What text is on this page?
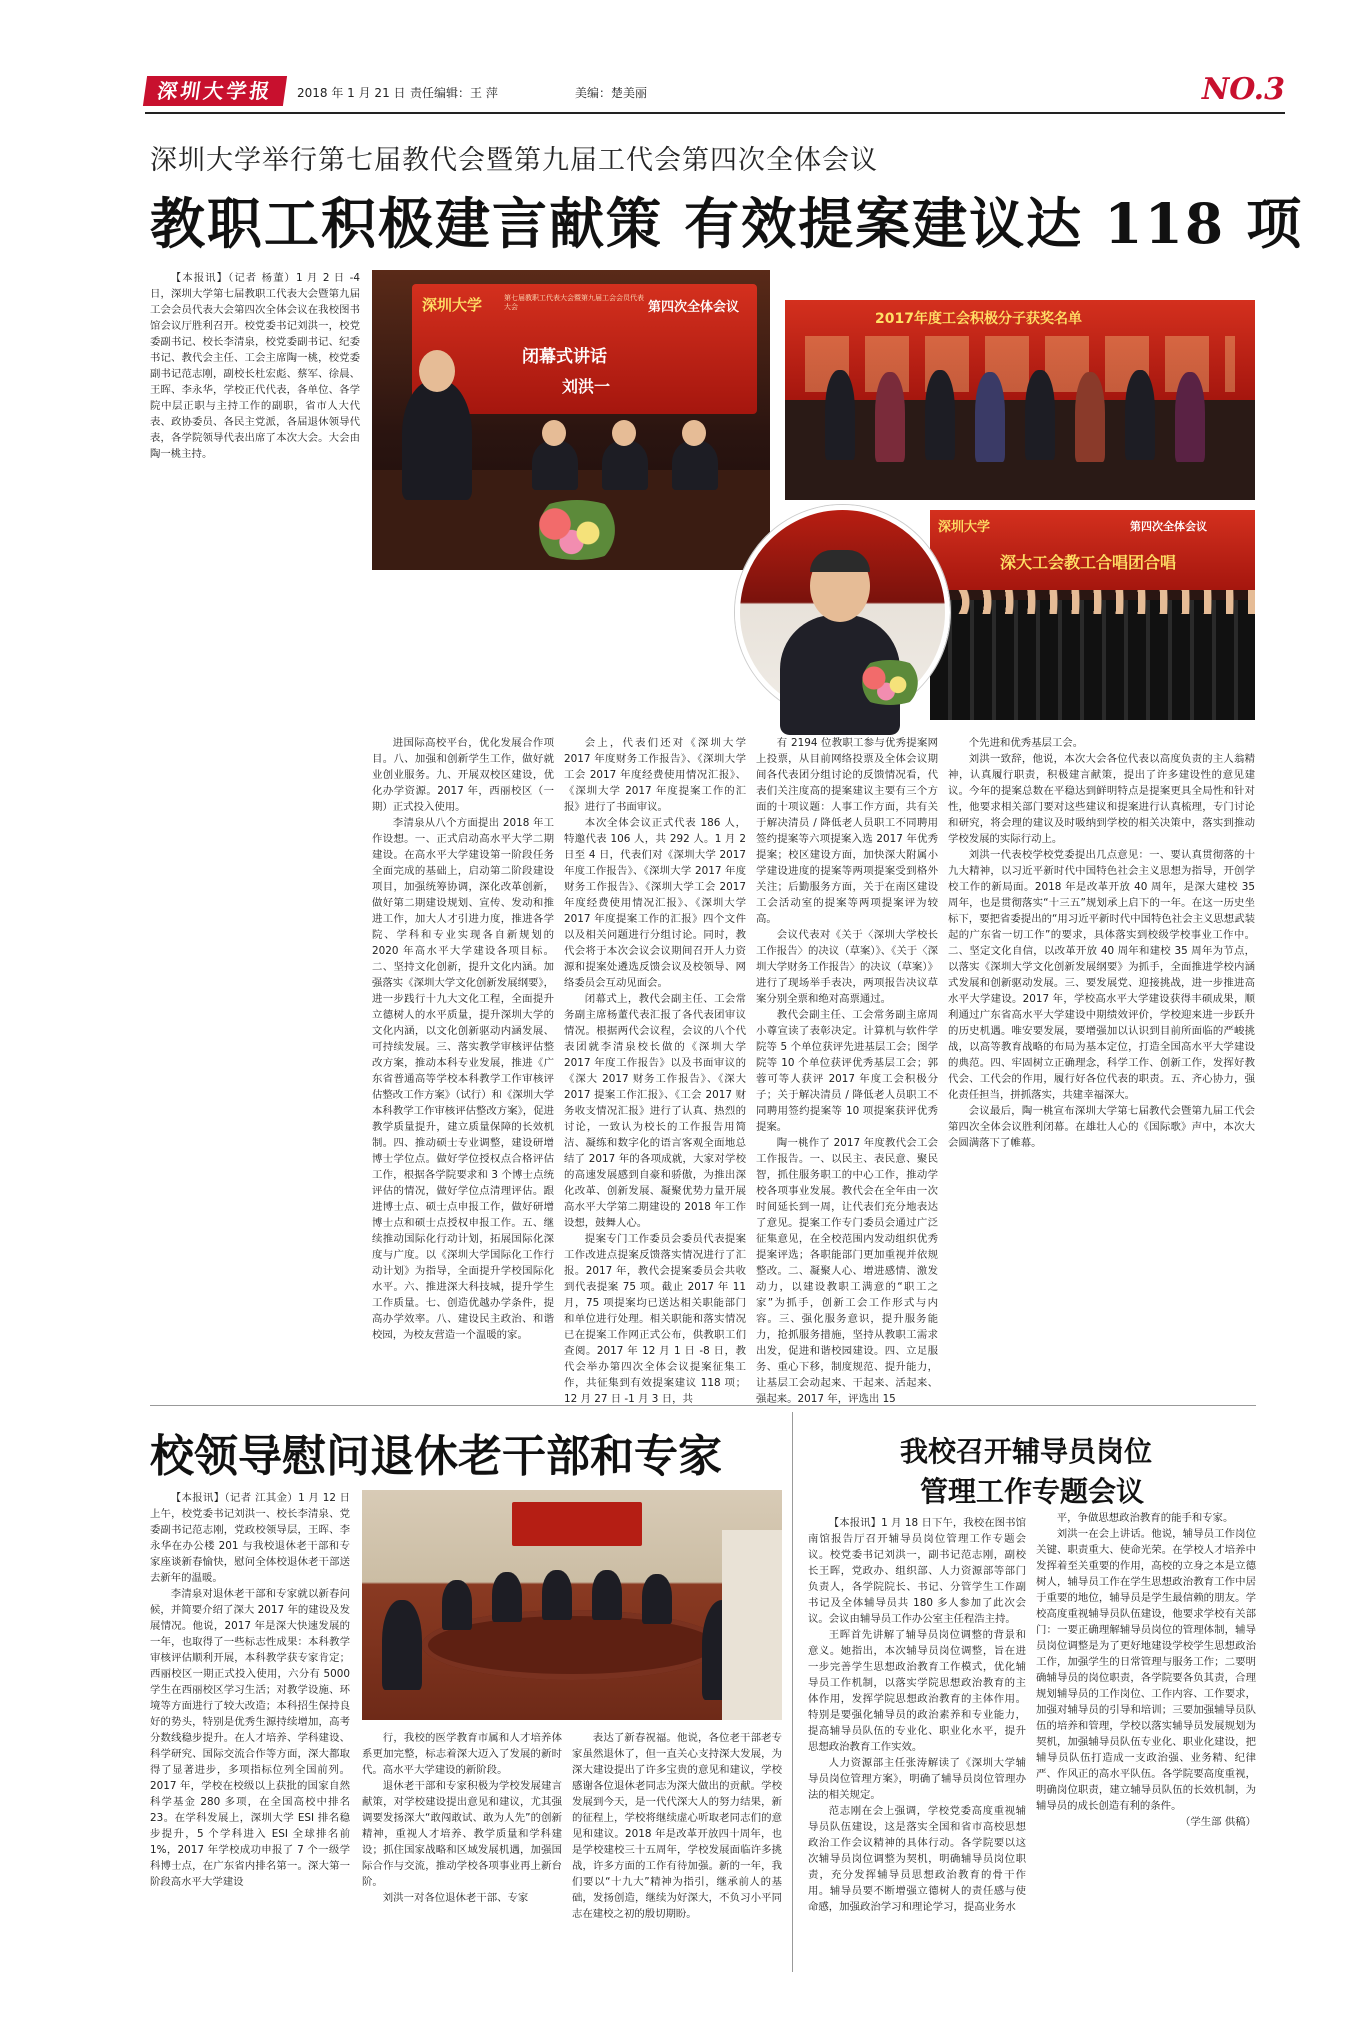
深圳大学报	2018 年 1 月 21 日 责任编辑：王 萍	美编：楚美丽	NO.3
深圳大学举行第七届教代会暨第九届工代会第四次全体会议
教职工积极建言献策 有效提案建议达 118 项

【本报讯】（记者 杨董）1 月 2 日 -4 日，深圳大学第七届教职工代表大会暨第九届工会会员代表大会第四次全体会议在我校图书馆会议厅胜利召开。校党委书记刘洪一，校党委副书记、校长李清泉，校党委副书记、纪委书记、教代会主任、工会主席陶一桃，校党委副书记范志刚，副校长杜宏彪、蔡军、徐晨、王晖、李永华，学校正代代表，各单位、各学院中层正职与主持工作的副职，省市人大代表、政协委员、各民主党派，各届退休领导代表，各学院领导代表出席了本次大会。大会由陶一桃主持。

深圳大学	第七届教职工代表大会暨第九届工会会员代表大会	第四次全体会议
闭幕式讲话
刘洪一
2017年度工会积极分子获奖名单
深圳大学	第四次全体会议
深大工会教工合唱团合唱

进国际高校平台，优化发展合作项目。八、加强和创新学生工作，做好就业创业服务。九、开展双校区建设，优化办学资源。2017 年，西丽校区（一期）正式投入使用。

李清泉从八个方面提出 2018 年工作设想。一、正式启动高水平大学二期建设。在高水平大学建设第一阶段任务全面完成的基础上，启动第二阶段建设项目，加强统筹协调，深化改革创新，做好第二期建设规划、宣传、发动和推进工作，加大人才引进力度，推进各学院、学科和专业实现各自新规划的 2020 年高水平大学建设各项目标。二、坚持文化创新，提升文化内涵。加强落实《深圳大学文化创新发展纲要》，进一步践行十九大文化工程，全面提升立德树人的水平质量，提升深圳大学的文化内涵，以文化创新驱动内涵发展、可持续发展。三、落实教学审核评估整改方案，推动本科专业发展，推进《广东省普通高等学校本科教学工作审核评估整改工作方案》（试行）和《深圳大学本科教学工作审核评估整改方案》，促进教学质量提升，建立质量保障的长效机制。四、推动硕士专业调整，建设研增博士学位点。做好学位授权点合格评估工作，根据各学院要求和 3 个博士点统评估的情况，做好学位点清理评估。跟进博士点、硕士点申报工作，做好研增博士点和硕士点授权申报工作。五、继续推动国际化行动计划，拓展国际化深度与广度。以《深圳大学国际化工作行动计划》为指导，全面提升学校国际化水平。六、推进深大科技城，提升学生工作质量。七、创造优越办学条件，提高办学效率。八、建设民主政治、和谐校园，为校友营造一个温暖的家。

会上，代表们还对《深圳大学 2017 年度财务工作报告》、《深圳大学工会 2017 年度经费使用情况汇报》、《深圳大学 2017 年度提案工作的汇报》进行了书面审议。

本次全体会议正式代表 186 人，特邀代表 106 人，共 292 人。1 月 2 日至 4 日，代表们对《深圳大学 2017 年度工作报告》、《深圳大学 2017 年度财务工作报告》、《深圳大学工会 2017 年度经费使用情况汇报》、《深圳大学 2017 年度提案工作的汇报》四个文件以及相关问题进行分组讨论。同时，教代会将于本次会议会议期间召开人力资源和提案处遴选反馈会议及校领导、网络委员会互动见面会。

闭幕式上，教代会副主任、工会常务副主席杨董代表汇报了各代表团审议情况。根据两代会议程，会议的八个代表团就李清泉校长做的《深圳大学 2017 年度工作报告》以及书面审议的《深大 2017 财务工作报告》、《深大 2017 提案工作汇报》、《工会 2017 财务收支情况汇报》进行了认真、热烈的讨论，一致认为校长的工作报告用简洁、凝练和数字化的语言客观全面地总结了 2017 年的各项成就，大家对学校的高速发展感到自豪和骄傲，为推出深化改革、创新发展、凝聚优势力量开展高水平大学第二期建设的 2018 年工作设想，鼓舞人心。

提案专门工作委员会委员代表提案工作改进点提案反馈落实情况进行了汇报。2017 年，教代会提案委员会共收到代表提案 75 项。截止 2017 年 11 月，75 项提案均已送达相关职能部门和单位进行处理。相关职能和落实情况已在提案工作网正式公布，供教职工们查阅。2017 年 12 月 1 日 -8 日，教代会举办第四次全体会议提案征集工作，共征集到有效提案建议 118 项；12 月 27 日 -1 月 3 日，共

有 2194 位教职工参与优秀提案网上投票，从目前网络投票及全体会议期间各代表团分组讨论的反馈情况看，代表们关注度高的提案建议主要有三个方面的十项议题：人事工作方面，共有关于解决清员 / 降低老人员职工不同聘用签约提案等六项提案入选 2017 年优秀提案；校区建设方面，加快深大附属小学建设进度的提案等两项提案受到格外关注；后勤服务方面，关于在南区建设工会活动室的提案等两项提案评为较高。

会议代表对《关于〈深圳大学校长工作报告〉的决议（草案）》、《关于〈深圳大学财务工作报告〉的决议（草案）》进行了现场举手表决，两项报告决议草案分别全票和绝对高票通过。

教代会副主任、工会常务副主席周小尊宣读了表彰决定。计算机与软件学院等 5 个单位获评先进基层工会；图学院等 10 个单位获评优秀基层工会；郭蓉可等人获评 2017 年度工会积极分子；关于解决清员 / 降低老人员职工不同聘用签约提案等 10 项提案获评优秀提案。

陶一桃作了 2017 年度教代会工会工作报告。一、以民主、表民意、聚民智，抓住服务职工的中心工作，推动学校各项事业发展。教代会在全年由一次时间延长到一周，让代表们充分地表达了意见。提案工作专门委员会通过广泛征集意见，在全校范围内发动组织优秀提案评选；各职能部门更加重视并依规整改。二、凝聚人心、增进感情、激发动力，以建设教职工满意的“职工之家”为抓手，创新工会工作形式与内容。三、强化服务意识，提升服务能力，抢抓服务措施，坚持从教职工需求出发，促进和谐校园建设。四、立足服务、重心下移，制度规范、提升能力，让基层工会动起来、干起来、活起来、强起来。2017 年，评选出 15

个先进和优秀基层工会。

刘洪一致辞，他说，本次大会各位代表以高度负责的主人翁精神，认真履行职责，积极建言献策，提出了许多建设性的意见建议。今年的提案总数在平稳达到鲜明特点是提案更具全局性和针对性，他要求相关部门要对这些建议和提案进行认真梳理，专门讨论和研究，将会理的建议及时吸纳到学校的相关决策中，落实到推动学校发展的实际行动上。

刘洪一代表校学校党委提出几点意见：一、要认真贯彻落的十九大精神，以习近平新时代中国特色社会主义思想为指导，开创学校工作的新局面。2018 年是改革开放 40 周年，是深大建校 35 周年，也是贯彻落实“十三五”规划承上启下的一年。在这一历史坐标下，要把省委提出的“用习近平新时代中国特色社会主义思想武装起的广东省一切工作”的要求，具体落实到校级学校事业工作中。二、坚定文化自信，以改革开放 40 周年和建校 35 周年为节点，以落实《深圳大学文化创新发展纲要》为抓手，全面推进学校内涵式发展和创新驱动发展。三、要发展党、迎接挑战，进一步推进高水平大学建设。2017 年，学校高水平大学建设获得丰硕成果，顺利通过广东省高水平大学建设中期绩效评价，学校迎来进一步跃升的历史机遇。唯安要发展，要增强加以认识到目前所面临的严峻挑战，以高等教育战略的布局为基本定位，打造全国高水平大学建设的典范。四、牢固树立正确理念，科学工作、创新工作，发挥好教代会、工代会的作用，履行好各位代表的职责。五、齐心协力，强化责任担当，拼抓落实，共建幸福深大。

会议最后，陶一桃宣布深圳大学第七届教代会暨第九届工代会第四次全体会议胜利闭幕。在雄壮人心的《国际歌》声中，本次大会圆满落下了帷幕。

校领导慰问退休老干部和专家

【本报讯】（记者 江其金）1 月 12 日上午，校党委书记刘洪一、校长李清泉、党委副书记范志刚，党政校领导层，王晖、李永华在办公楼 201 与我校退休老干部和专家座谈新春愉快，慰问全体校退休老干部送去新年的温暖。

李清泉对退休老干部和专家就以新春问候，并简要介绍了深大 2017 年的建设及发展情况。他说，2017 年是深大快速发展的一年，也取得了一些标志性成果：本科教学审核评估顺利开展，本科教学获专家肯定；西丽校区一期正式投入使用，六分有 5000 学生在西丽校区学习生活；对教学设施、环境等方面进行了较大改造；本科招生保持良好的势头，特别是优秀生源持续增加，高考分数线稳步提升。在人才培养、学科建设、科学研究、国际交流合作等方面，深大都取得了显著进步，多项指标位列全国前列。2017 年，学校在校级以上获批的国家自然科学基金 280 多项，在全国高校中排名 23。在学科发展上，深圳大学 ESI 排名稳步提升，5 个学科进入 ESI 全球排名前 1%，2017 年学校成功申报了 7 个一级学科博士点，在广东省内排名第一。深大第一阶段高水平大学建设

行，我校的医学教育市属和人才培养体系更加完整，标志着深大迈入了发展的新时代。高水平大学建设的新阶段。

退休老干部和专家积极为学校发展建言献策，对学校建设提出意见和建议，尤其强调要发扬深大“敢闯敢试、敢为人先”的创新精神，重视人才培养、教学质量和学科建设；抓住国家战略和区域发展机遇，加强国际合作与交流，推动学校各项事业再上新台阶。

刘洪一对各位退休老干部、专家

表达了新春祝福。他说，各位老干部老专家虽然退休了，但一直关心支持深大发展，为深大建设提出了许多宝贵的意见和建议，学校感谢各位退休老同志为深大做出的贡献。学校发展到今天，是一代代深大人的努力结果，新的征程上，学校将继续虚心听取老同志们的意见和建议。2018 年是改革开放四十周年，也是学校建校三十五周年，学校发展面临许多挑战，许多方面的工作有待加强。新的一年，我们要以“十九大”精神为指引，继承前人的基础，发扬创造，继续为好深大，不负习小平同志在建校之初的殷切期盼。

我校召开辅导员岗位
管理工作专题会议

【本报讯】1 月 18 日下午，我校在图书馆南馆报告厅召开辅导员岗位管理工作专题会议。校党委书记刘洪一，副书记范志刚，副校长王晖，党政办、组织部、人力资源部等部门负责人，各学院院长、书记、分管学生工作副书记及全体辅导员共 180 多人参加了此次会议。会议由辅导员工作办公室主任程浩主持。

王晖首先讲解了辅导员岗位调整的背景和意义。她指出，本次辅导员岗位调整，旨在进一步完善学生思想政治教育工作模式，优化辅导员工作机制，以落实学院思想政治教育的主体作用，发挥学院思想政治教育的主体作用。特别是要强化辅导员的政治素养和专业能力，提高辅导员队伍的专业化、职业化水平，提升思想政治教育工作实效。

人力资源部主任张涛解读了《深圳大学辅导员岗位管理方案》，明确了辅导员岗位管理办法的相关规定。

范志刚在会上强调，学校党委高度重视辅导员队伍建设，这是落实全国和省市高校思想政治工作会议精神的具体行动。各学院要以这次辅导员岗位调整为契机，明确辅导员岗位职责，充分发挥辅导员思想政治教育的骨干作用。辅导员要不断增强立德树人的责任感与使命感，加强政治学习和理论学习，提高业务水

平，争做思想政治教育的能手和专家。

刘洪一在会上讲话。他说，辅导员工作岗位关键、职责重大、使命光荣。在学校人才培养中发挥着至关重要的作用，高校的立身之本是立德树人，辅导员工作在学生思想政治教育工作中居于重要的地位，辅导员是学生最信赖的朋友。学校高度重视辅导员队伍建设，他要求学校有关部门：一要正确理解辅导员岗位的管理体制，辅导员岗位调整是为了更好地建设学校学生思想政治工作，加强学生的日常管理与服务工作；二要明确辅导员的岗位职责，各学院要各负其责，合理规划辅导员的工作岗位、工作内容、工作要求，加强对辅导员的引导和培训；三要加强辅导员队伍的培养和管理，学校以落实辅导员发展规划为契机，加强辅导员队伍专业化、职业化建设，把辅导员队伍打造成一支政治强、业务精、纪律严、作风正的高水平队伍。各学院要高度重视，明确岗位职责，建立辅导员队伍的长效机制，为辅导员的成长创造有利的条件。

（学生部 供稿）
